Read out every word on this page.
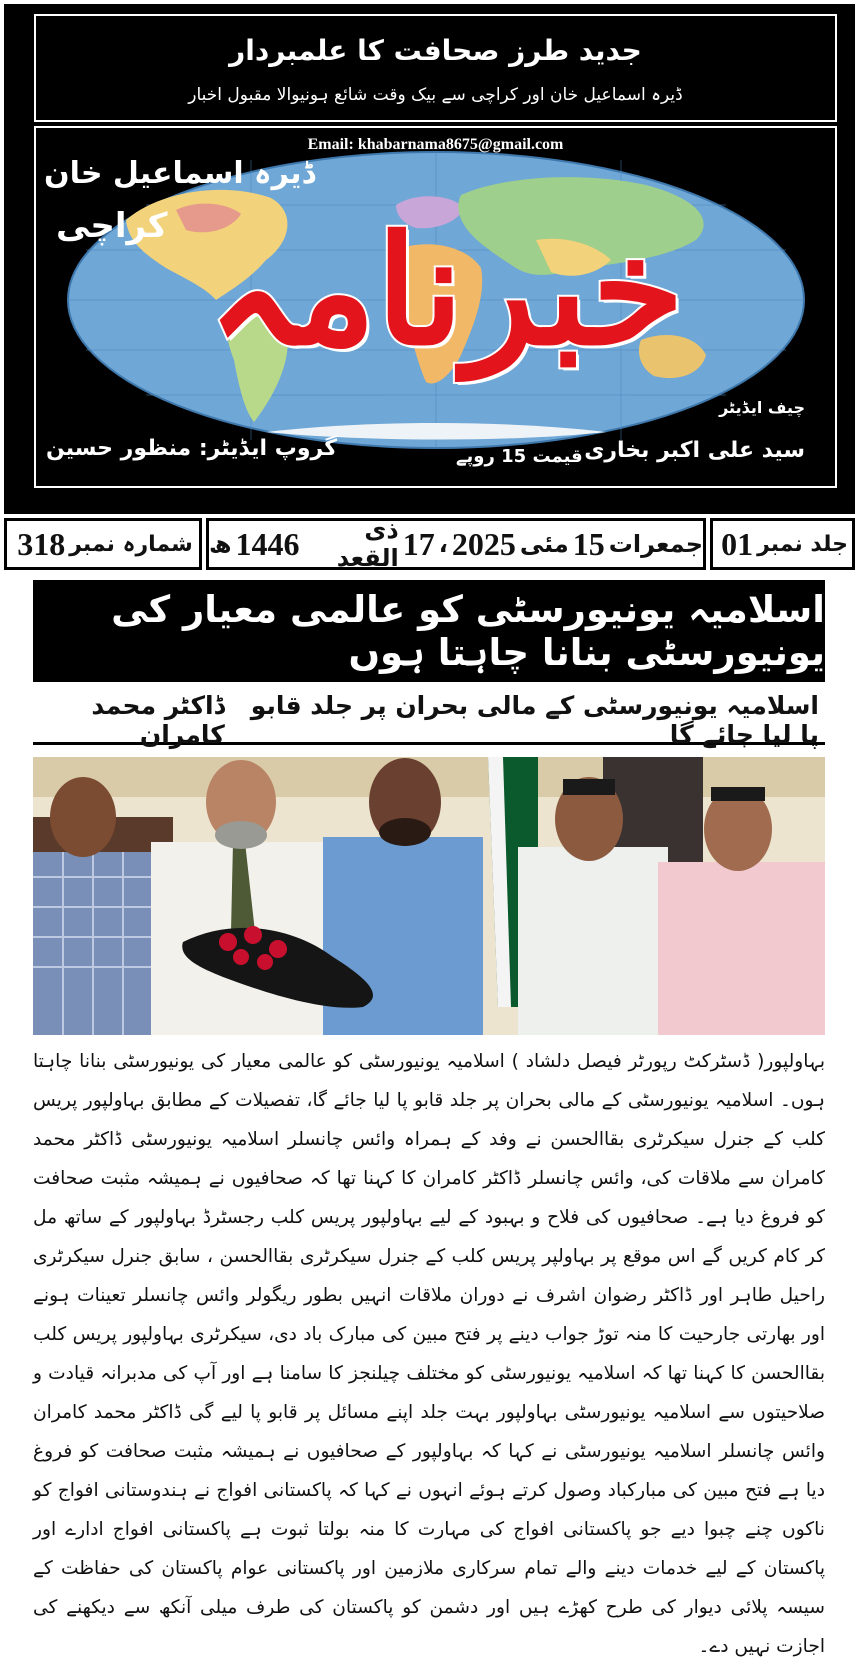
جدید طرز صحافت کا علمبردار
ڈیرہ اسماعیل خان اور کراچی سے بیک وقت شائع ہونیوالا مقبول اخبار
Email: khabarnama8675@gmail.com
ڈیرہ اسماعیل خان
کراچی خبرنامہ
چیف ایڈیٹر
سید علی اکبر بخاری
قیمت 15 روپے
گروپ ایڈیٹر: منظور حسین
جلد نمبر
01
جمعرات
15
مئی
2025
،
17
ذی القعد
1446
ھ
شمارہ نمبر
318
اسلامیہ یونیورسٹی کو عالمی معیار کی یونیورسٹی بنانا چاہتا ہوں
اسلامیہ یونیورسٹی کے مالی بحران پر جلد قابو پا لیا جائے گا
ڈاکٹر محمد کامران
بہاولپور( ڈسٹرکٹ رپورٹر فیصل دلشاد ) اسلامیہ یونیورسٹی کو عالمی معیار کی یونیورسٹی بنانا چاہتا ہوں۔ اسلامیہ یونیورسٹی کے مالی بحران پر جلد قابو پا لیا جائے گا، تفصیلات کے مطابق بہاولپور پریس کلب کے جنرل سیکرٹری بقاالحسن نے وفد کے ہمراہ وائس چانسلر اسلامیہ یونیورسٹی ڈاکٹر محمد کامران سے ملاقات کی، وائس چانسلر ڈاکٹر کامران کا کہنا تھا کہ صحافیوں نے ہمیشہ مثبت صحافت کو فروغ دیا ہے۔ صحافیوں کی فلاح و بہبود کے لیے بہاولپور پریس کلب رجسٹرڈ بہاولپور کے ساتھ مل کر کام کریں گے اس موقع پر بہاولپر پریس کلب کے جنرل سیکرٹری بقاالحسن ، سابق جنرل سیکرٹری راحیل طاہر اور ڈاکٹر رضوان اشرف نے دوران ملاقات انہیں بطور ریگولر وائس چانسلر تعینات ہونے اور بھارتی جارحیت کا منہ توڑ جواب دینے پر فتح مبین کی مبارک باد دی، سیکرٹری بہاولپور پریس کلب بقاالحسن کا کہنا تھا کہ اسلامیہ یونیورسٹی کو مختلف چیلنجز کا سامنا ہے اور آپ کی مدبرانہ قیادت و صلاحیتوں سے اسلامیہ یونیورسٹی بہاولپور بہت جلد اپنے مسائل پر قابو پا لیے گی ڈاکٹر محمد کامران وائس چانسلر اسلامیہ یونیورسٹی نے کہا کہ بہاولپور کے صحافیوں نے ہمیشہ مثبت صحافت کو فروغ دیا ہے فتح مبین کی مبارکباد وصول کرتے ہوئے انہوں نے کہا کہ پاکستانی افواج نے ہندوستانی افواج کو ناکوں چنے چبوا دیے جو پاکستانی افواج کی مہارت کا منہ بولتا ثبوت ہے پاکستانی افواج ادارے اور پاکستان کے لیے خدمات دینے والے تمام سرکاری ملازمین اور پاکستانی عوام پاکستان کی حفاظت کے سیسہ پلائی دیوار کی طرح کھڑے ہیں اور دشمن کو پاکستان کی طرف میلی آنکھ سے دیکھنے کی اجازت نہیں دے۔
